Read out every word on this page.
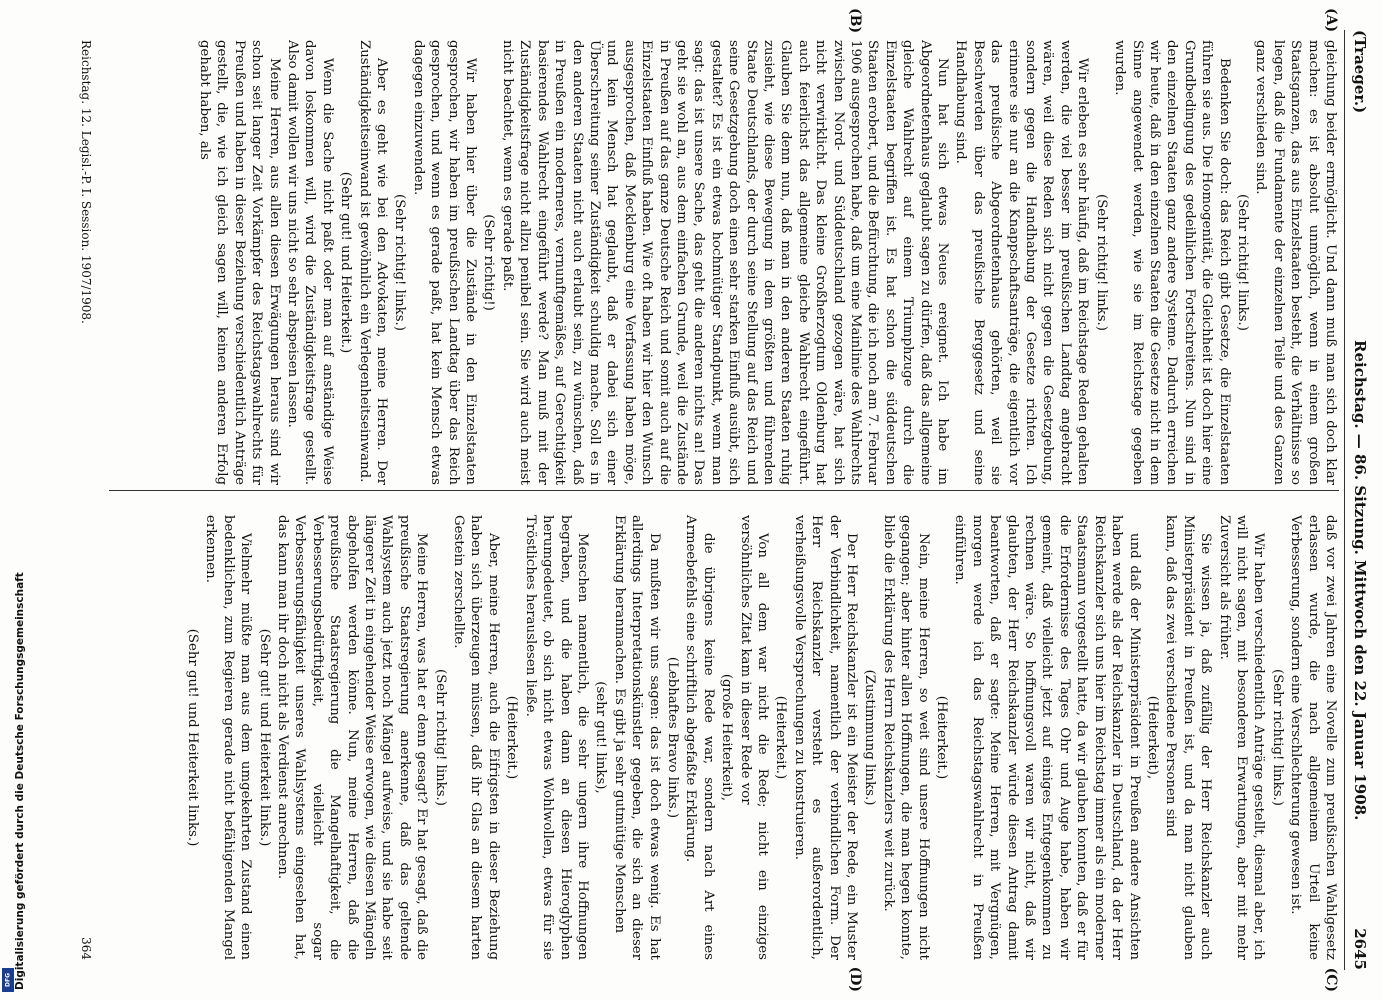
(Traeger.)
Reichstag. — 86. Sitzung. Mittwoch den 22. Januar 1908.
2645
(A)
(B)
(C)
(D)

gleichung beider ermöglicht. Und dann muß man sich doch klar machen: es ist absolut unmöglich, wenn in einem großen Staatsganzen, das aus Einzelstaaten besteht, die Verhältnisse so liegen, daß die Fundamente der einzelnen Teile und des Ganzen ganz verschieden sind.

(Sehr richtig! links.)

Bedenken Sie doch: das Reich gibt Gesetze, die Einzelstaaten führen sie aus. Die Homogenität, die Gleichheit ist doch hier eine Grundbedingung des gedeihlichen Fortschreitens. Nun sind in den einzelnen Staaten ganz andere Systeme. Dadurch erreichen wir heute, daß in den einzelnen Staaten die Gesetze nicht in dem Sinne angewendet werden, wie sie im Reichstage gegeben wurden.

(Sehr richtig! links.)

Wir erleben es sehr häufig, daß im Reichstage Reden gehalten werden, die viel besser im preußischen Landtag angebracht wären, weil diese Reden sich nicht gegen die Gesetzgebung, sondern gegen die Handhabung der Gesetze richten. Ich erinnere sie nur an die Knappschaftsanträge, die eigentlich vor das preußische Abgeordnetenhaus gehörten, weil sie Beschwerden über das preußische Berggesetz und seine Handhabung sind.

Nun hat sich etwas Neues ereignet. Ich habe im Abgeordnetenhaus geglaubt sagen zu dürfen, daß das allgemeine gleiche Wahlrecht auf einem Triumphzuge durch die Einzelstaaten begriffen ist. Es hat schon die süddeutschen Staaten erobert, und die Befürchtung, die ich noch am 7. Februar 1906 ausgesprochen habe, daß um eine Mainlinie des Wahlrechts zwischen Nord- und Süddeutschland gezogen wäre, hat sich nicht verwirklicht. Das kleine Großherzogtum Oldenburg hat auch feierlichst das allgemeine gleiche Wahlrecht eingeführt. Glauben Sie denn nun, daß man in den anderen Staaten ruhig zusieht, wie diese Bewegung in dem größten und führenden Staate Deutschlands, der durch seine Stellung auf das Reich und seine Gesetzgebung doch einen sehr starken Einfluß ausübt, sich gestaltet? Es ist ein etwas hochmütiger Standpunkt, wenn man sagt: das ist unsere Sache, das geht die anderen nichts an! Das geht sie wohl an, aus dem einfachen Grunde, weil die Zustände in Preußen auf das ganze Deutsche Reich und somit auch auf die Einzelstaaten Einfluß haben. Wie oft haben wir hier den Wunsch ausgesprochen, daß Mecklenburg eine Verfassung haben möge, und kein Mensch hat geglaubt, daß er dabei sich einer Überschreitung seiner Zuständigkeit schuldig mache. Soll es in den anderen Staaten nicht auch erlaubt sein, zu wünschen, daß in Preußen ein moderneres, vernunftgemäßes, auf Gerechtigkeit basierendes Wahlrecht eingeführt werde? Man muß mit der Zuständigkeitsfrage nicht allzu penibel sein. Sie wird auch meist nicht beachtet, wenn es gerade paßt.

(Sehr richtig!)

Wir haben hier über die Zustände in den Einzelstaaten gesprochen, wir haben im preußischen Landtag über das Reich gesprochen, und wenn es gerade paßt, hat kein Mensch etwas dagegen einzuwenden.

(Sehr richtig! links.)

Aber es geht wie bei den Advokaten, meine Herren. Der Zuständigkeitseinwand ist gewöhnlich ein Verlegenheitseinwand.

(Sehr gut! und Heiterkeit.)

Wenn die Sache nicht paßt oder man auf anständige Weise davon loskommen will, wird die Zuständigkeitsfrage gestellt. Also damit wollen wir uns nicht so sehr abspeisen lassen.

Meine Herren, aus allen diesen Erwägungen heraus sind wir schon seit langer Zeit Vorkämpfer des Reichstagswahlrechts für Preußen und haben in dieser Beziehung verschiedentlich Anträge gestellt, die, wie ich gleich sagen will, keinen anderen Erfolg gehabt haben, als

daß vor zwei Jahren eine Novelle zum preußischen Wahlgesetz erlassen wurde, die nach allgemeinem Urteil keine Verbesserung, sondern eine Verschlechterung gewesen ist.

(Sehr richtig! links.)

Wir haben verschiedentlich Anträge gestellt, diesmal aber, ich will nicht sagen, mit besonderen Erwartungen, aber mit mehr Zuversicht als früher.

Sie wissen ja, daß zufällig der Herr Reichskanzler auch Ministerpräsident in Preußen ist, und da man nicht glauben kann, daß das zwei verschiedene Personen sind

(Heiterkeit),

und daß der Ministerpräsident in Preußen andere Ansichten haben werde als der Reichskanzler in Deutschland, da der Herr Reichskanzler sich uns hier im Reichstag immer als ein moderner Staatsmann vorgestellt hatte, da wir glauben konnten, daß er für die Erfordernisse des Tages Ohr und Auge habe, haben wir gemeint, daß vielleicht jetzt auf einiges Entgegenkommen zu rechnen wäre. So hoffnungsvoll waren wir nicht, daß wir glaubten, der Herr Reichskanzler würde diesen Antrag damit beantworten, daß er sagte: Meine Herren, mit Vergnügen, morgen werde ich das Reichstagswahlrecht in Preußen einführen.

(Heiterkeit.)

Nein, meine Herren, so weit sind unsere Hoffnungen nicht gegangen; aber hinter allen Hoffnungen, die man hegen konnte, blieb die Erklärung des Herrn Reichskanzlers weit zurück.

(Zustimmung links.)

Der Herr Reichskanzler ist ein Meister der Rede, ein Muster der Verbindlichkeit, namentlich der verbindlichen Form. Der Herr Reichskanzler versteht es außerordentlich, verheißungsvolle Versprechungen zu konstruieren.

(Heiterkeit.)

Von all dem war nicht die Rede; nicht ein einziges versöhnliches Zitat kam in dieser Rede vor

(große Heiterkeit),

die übrigens keine Rede war, sondern nach Art eines Armeebefehls eine schriftlich abgefaßte Erklärung.

(Lebhaftes Bravo links.)

Da mußten wir uns sagen: das ist doch etwas wenig. Es hat allerdings Interpretationskünstler gegeben, die sich an dieser Erklärung heranmachen. Es gibt ja sehr gutmütige Menschen

(sehr gut! links),

Menschen namentlich, die sehr ungern ihre Hoffnungen begraben, und die haben dann an diesen Hieroglyphen herumgedeutet, ob sich nicht etwas Wohlwollen, etwas für sie Tröstliches herauslesen ließe.

(Heiterkeit.)

Aber, meine Herren, auch die Eifrigsten in dieser Beziehung haben sich überzeugen müssen, daß ihr Glas an diesem harten Gestein zerschellte.

(Sehr richtig! links.)

Meine Herren, was hat er denn gesagt? Er hat gesagt, daß die preußische Staatsregierung anerkenne, daß das geltende Wahlsystem auch jetzt noch Mängel aufweise, und sie habe seit längerer Zeit in eingehender Weise erwogen, wie diesen Mängeln abgeholfen werden könne. Nun, meine Herren, daß die preußische Staatsregierung die Mangelhaftigkeit, die Verbesserungsbedürftigkeit, vielleicht sogar Verbesserungsfähigkeit unseres Wahlsystems eingesehen hat, das kann man ihr doch nicht als Verdienst anrechnen.

(Sehr gut! und Heiterkeit links.)

Vielmehr müßte man aus dem umgekehrten Zustand einen bedenklichen, zum Regieren gerade nicht befähigenden Mangel erkennen.

(Sehr gut! und Heiterkeit links.)

Reichstag. 12. Legisl.-P. I. Session. 1907/1908.
364
Digitalisierung gefördert durch die Deutsche Forschungsgemeinschaft
DFG
